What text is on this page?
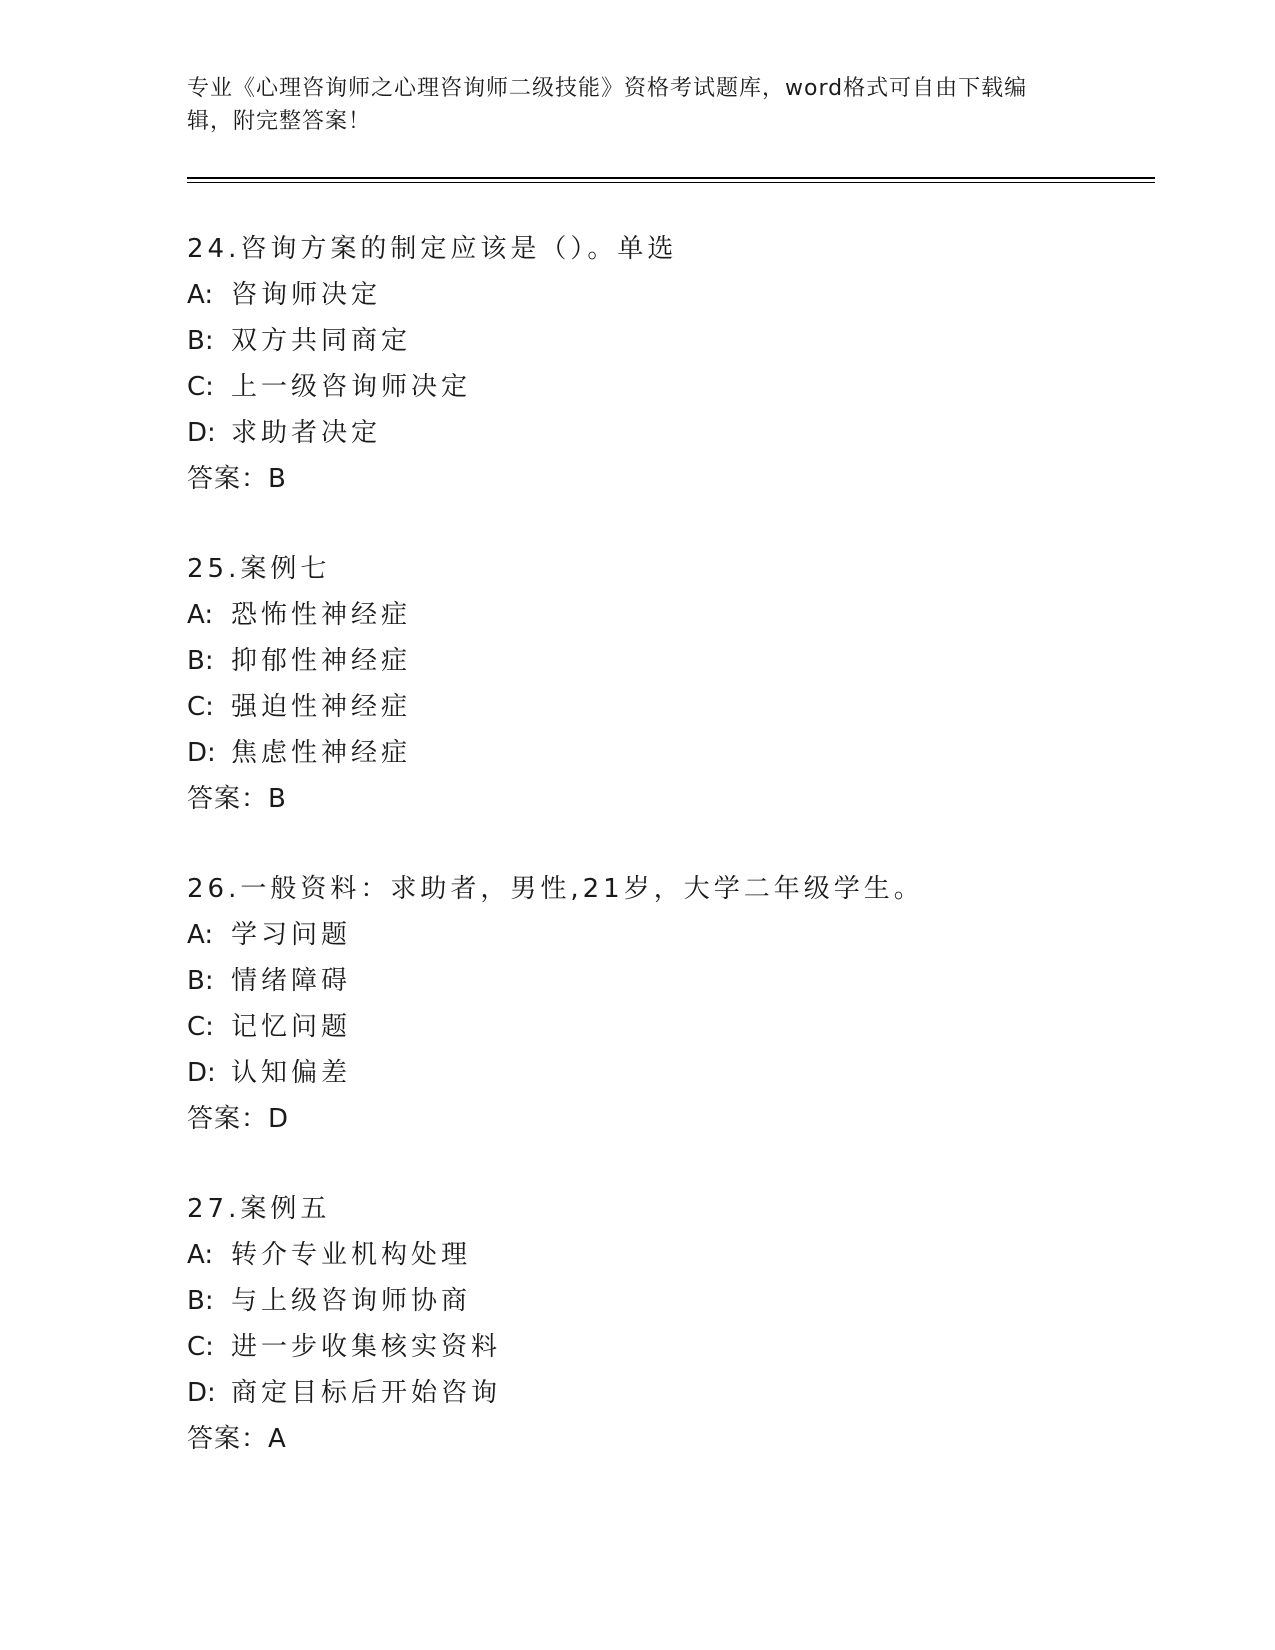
专业《心理咨询师之心理咨询师二级技能》资格考试题库，word格式可自由下载编辑，附完整答案！
24.咨询方案的制定应该是（）。单选
A: 咨询师决定
B: 双方共同商定
C: 上一级咨询师决定
D: 求助者决定
答案：B
25.案例七
A: 恐怖性神经症
B: 抑郁性神经症
C: 强迫性神经症
D: 焦虑性神经症
答案：B
26.一般资料：求助者，男性,21岁，大学二年级学生。
A: 学习问题
B: 情绪障碍
C: 记忆问题
D: 认知偏差
答案：D
27.案例五
A: 转介专业机构处理
B: 与上级咨询师协商
C: 进一步收集核实资料
D: 商定目标后开始咨询
答案：A
